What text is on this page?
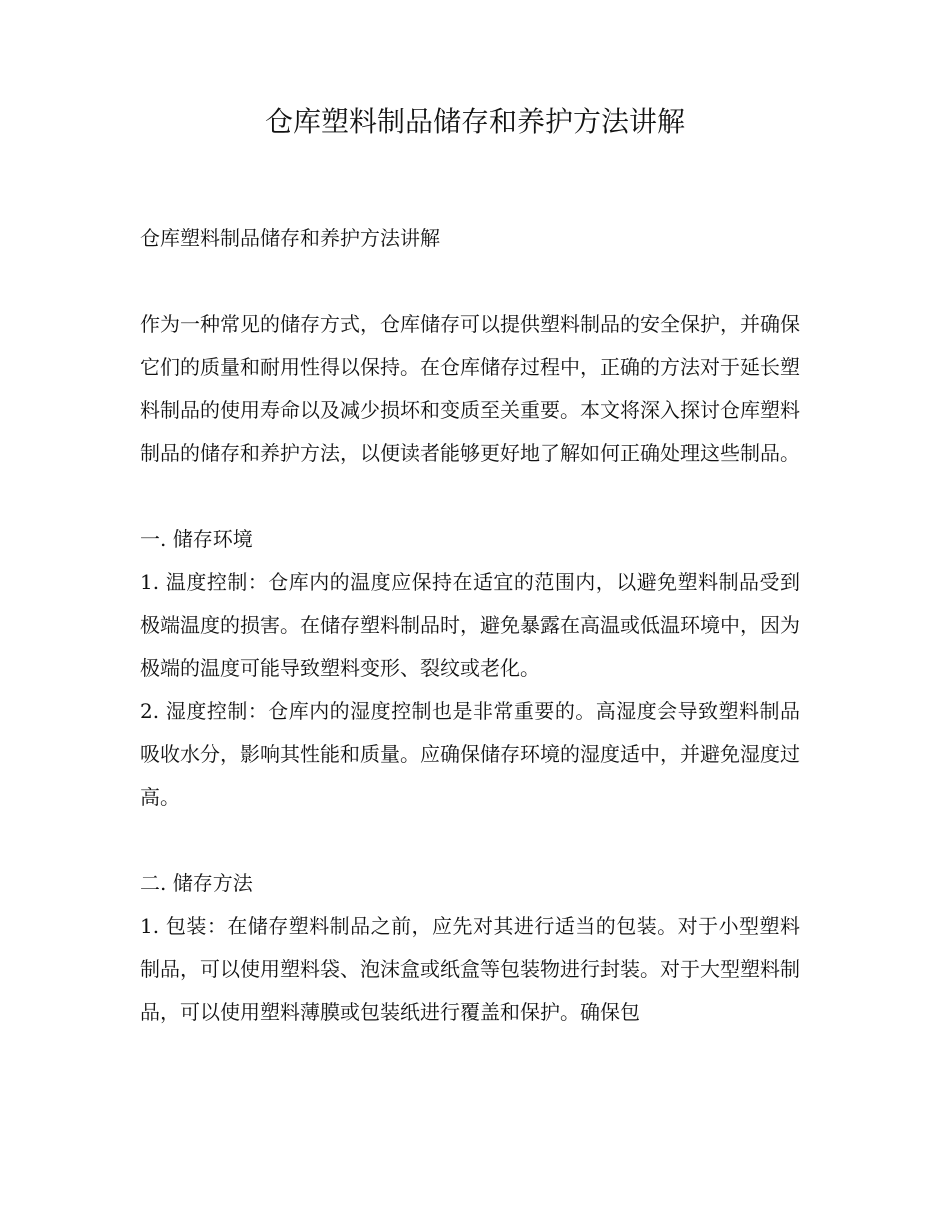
仓库塑料制品储存和养护方法讲解

仓库塑料制品储存和养护方法讲解

作为一种常见的储存方式，仓库储存可以提供塑料制品的安全保护，并确保它们的质量和耐用性得以保持。在仓库储存过程中，正确的方法对于延长塑料制品的使用寿命以及减少损坏和变质至关重要。本文将深入探讨仓库塑料制品的储存和养护方法，以便读者能够更好地了解如何正确处理这些制品。

一. 储存环境

1. 温度控制：仓库内的温度应保持在适宜的范围内，以避免塑料制品受到极端温度的损害。在储存塑料制品时，避免暴露在高温或低温环境中，因为极端的温度可能导致塑料变形、裂纹或老化。

2. 湿度控制：仓库内的湿度控制也是非常重要的。高湿度会导致塑料制品吸收水分，影响其性能和质量。应确保储存环境的湿度适中，并避免湿度过高。

二. 储存方法

1. 包装：在储存塑料制品之前，应先对其进行适当的包装。对于小型塑料制品，可以使用塑料袋、泡沫盒或纸盒等包装物进行封装。对于大型塑料制品，可以使用塑料薄膜或包装纸进行覆盖和保护。确保包
